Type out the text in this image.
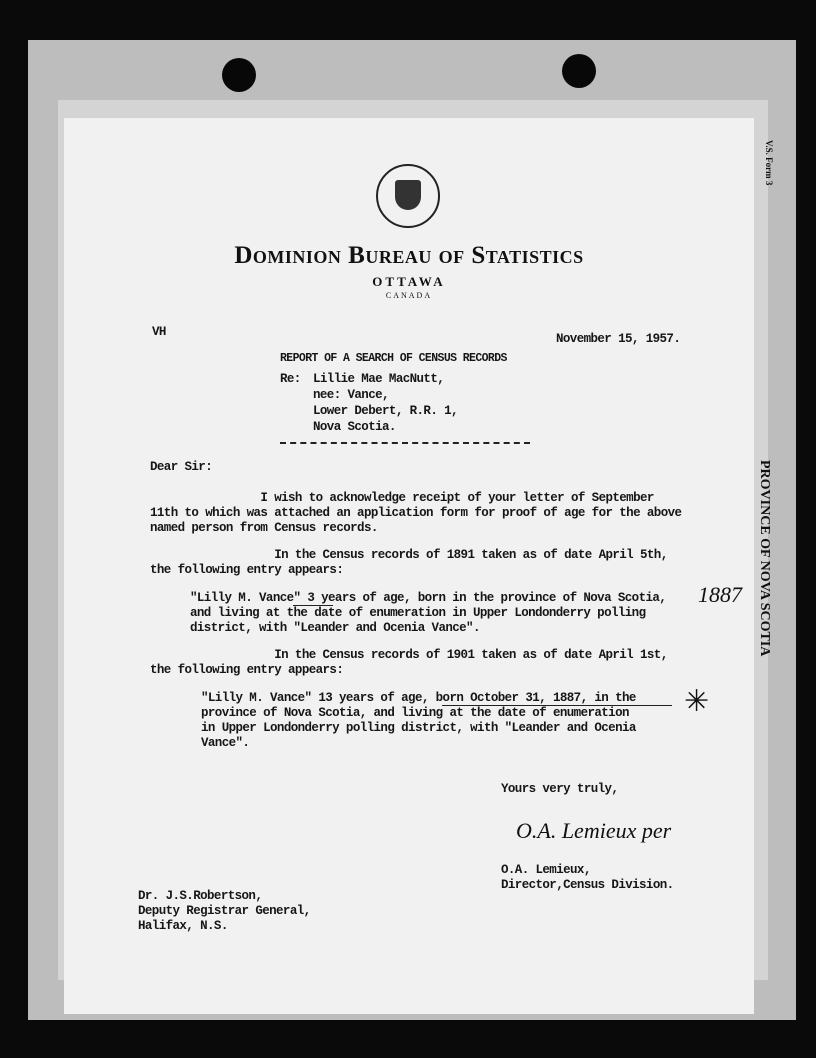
V.S. Form 3
PROVINCE OF NOVA SCOTIA
Dominion Bureau of Statistics
OTTAWA
CANADA
VH	November 15, 1957.
REPORT OF A SEARCH OF CENSUS RECORDS
Re: Lillie Mae MacNutt,
nee: Vance,
Lower Debert, R.R. 1,
Nova Scotia.
Dear Sir:
I wish to acknowledge receipt of your letter of September
11th to which was attached an application form for proof of age for the above
named person from Census records.
In the Census records of 1891 taken as of date April 5th,
the following entry appears:
"Lilly M. Vance" 3 years of age, born in the province of Nova Scotia,
and living at the date of enumeration in Upper Londonderry polling
district, with "Leander and Ocenia Vance".
1887
In the Census records of 1901 taken as of date April 1st,
the following entry appears:
"Lilly M. Vance" 13 years of age, born October 31, 1887, in the
province of Nova Scotia, and living at the date of enumeration
in Upper Londonderry polling district, with "Leander and Ocenia
Vance".
✳
Yours very truly,
O.A. Lemieux per
O.A. Lemieux,
Director,Census Division.
Dr. J.S.Robertson,
Deputy Registrar General,
Halifax, N.S.
